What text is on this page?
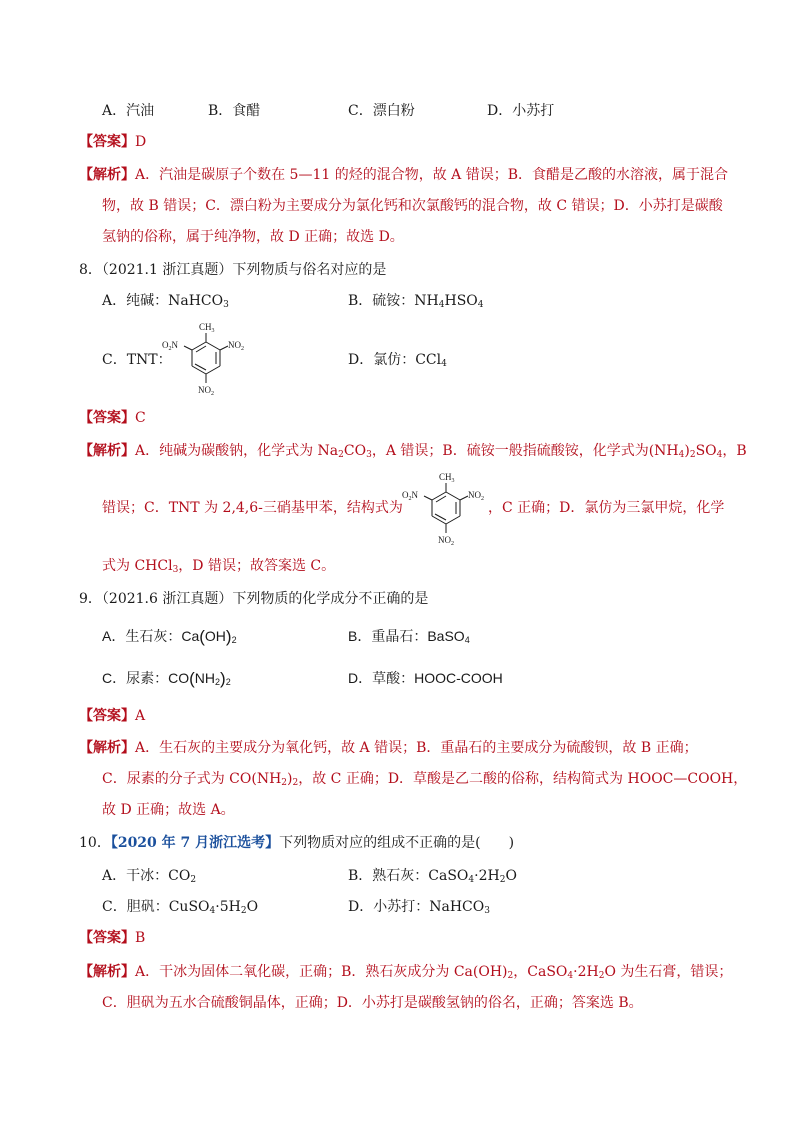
A．汽油	B．食醋	C．漂白粉	D．小苏打
【答案】D
【解析】A．汽油是碳原子个数在 5—11 的烃的混合物，故 A 错误；B．食醋是乙酸的水溶液，属于混合
物，故 B 错误；C．漂白粉为主要成分为氯化钙和次氯酸钙的混合物，故 C 错误；D．小苏打是碳酸
氢钠的俗称，属于纯净物，故 D 正确；故选 D。
8．（2021.1 浙江真题）下列物质与俗名对应的是
A．纯碱：NaHCO$_3$	B．硫铵：$NH_4HSO_4$
C．TNT：
$CH_3$
$NO_2$
$O_2N$
$NO_2$
D．氯仿：CCl$_4$
【答案】C
【解析】A．纯碱为碳酸钠，化学式为 $Na_2CO_3$，A 错误；B．硫铵一般指硫酸铵，化学式为$(NH_4)_2SO_4$，B
错误；C．TNT 为 2,4,6-三硝基甲苯，结构式为
$CH_3$
$NO_2$
$O_2N$
$NO_2$
，C 正确；D．氯仿为三氯甲烷，化学
式为 CHCl$_3$，D 错误；故答案选 C。
9．（2021.6 浙江真题）下列物质的化学成分不正确的是
A．生石灰：$Ca(OH)_2$	B．重晶石：BaSO$_4$
C．尿素：$CO(NH_2)_2$	D．草酸：HOOC-COOH
【答案】A
【解析】A．生石灰的主要成分为氧化钙，故 A 错误；B．重晶石的主要成分为硫酸钡，故 B 正确；
C．尿素的分子式为 $CO(NH_2)_2$，故 C 正确；D．草酸是乙二酸的俗称，结构简式为 HOOC—COOH，
故 D 正确；故选 A。
10．【2020 年 7 月浙江选考】下列物质对应的组成不正确的是(　　)
A．干冰：$CO_2$	B．熟石灰：$CaSO_4\cdot 2H_2O$
C．胆矾：$CuSO_4\cdot 5H_2O$	D．小苏打：NaHCO$_3$
【答案】B
【解析】A．干冰为固体二氧化碳，正确；B．熟石灰成分为 $Ca(OH)_2$，$CaSO_4\cdot 2H_2O$ 为生石膏，错误；
C．胆矾为五水合硫酸铜晶体，正确；D．小苏打是碳酸氢钠的俗名，正确；答案选 B。
